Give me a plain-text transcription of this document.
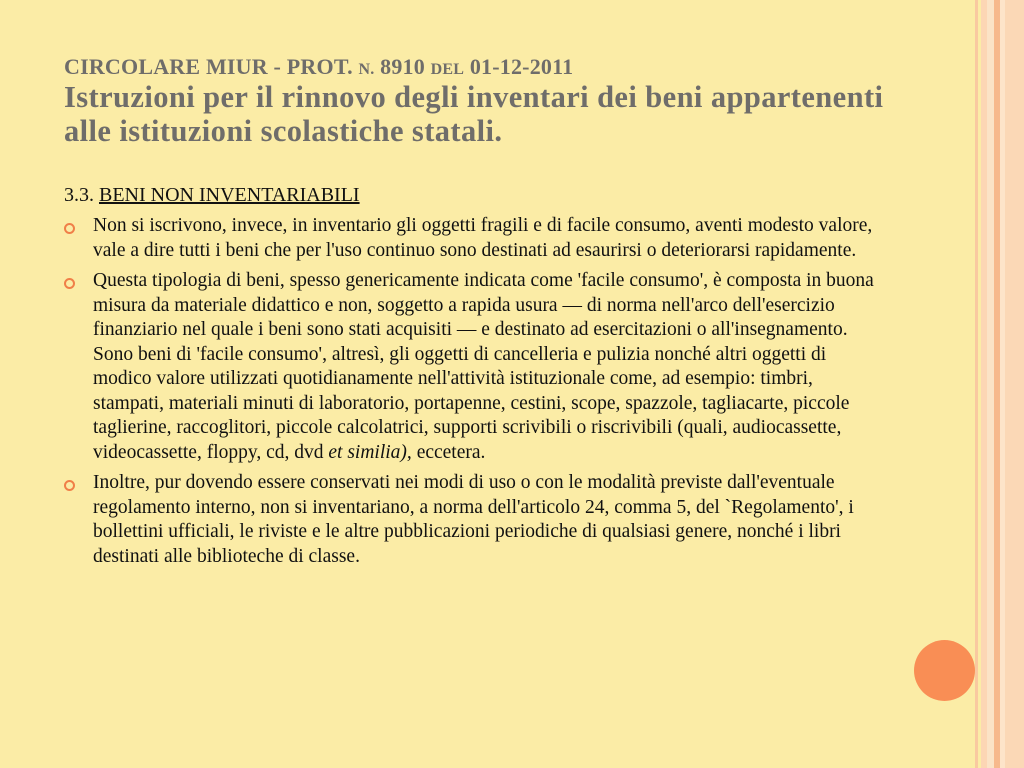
CIRCOLARE MIUR - PROT. N. 8910 DEL 01-12-2011
Istruzioni per il rinnovo degli inventari dei beni appartenenti alle istituzioni scolastiche statali.
3.3. BENI NON INVENTARIABILI
Non si iscrivono, invece, in inventario gli oggetti fragili e di facile consumo, aventi modesto valore, vale a dire tutti i beni che per l'uso continuo sono destinati ad esaurirsi o deteriorarsi rapidamente.
Questa tipologia di beni, spesso genericamente indicata come 'facile consumo', è composta in buona misura da materiale didattico e non, soggetto a rapida usura — di norma nell'arco dell'esercizio finanziario nel quale i beni sono stati acquisiti — e destinato ad esercitazioni o all'insegnamento. Sono beni di 'facile consumo', altresì, gli oggetti di cancelleria e pulizia nonché altri oggetti di modico valore utilizzati quotidianamente nell'attività istituzionale come, ad esempio: timbri, stampati, materiali minuti di laboratorio, portapenne, cestini, scope, spazzole, tagliacarte, piccole taglierine, raccoglitori, piccole calcolatrici, supporti scrivibili o riscrivibili (quali, audiocassette, videocassette, floppy, cd, dvd et similia), eccetera.
Inoltre, pur dovendo essere conservati nei modi di uso o con le modalità previste dall'eventuale regolamento interno, non si inventariano, a norma dell'articolo 24, comma 5, del `Regolamento', i bollettini ufficiali, le riviste e le altre pubblicazioni periodiche di qualsiasi genere, nonché i libri destinati alle biblioteche di classe.
